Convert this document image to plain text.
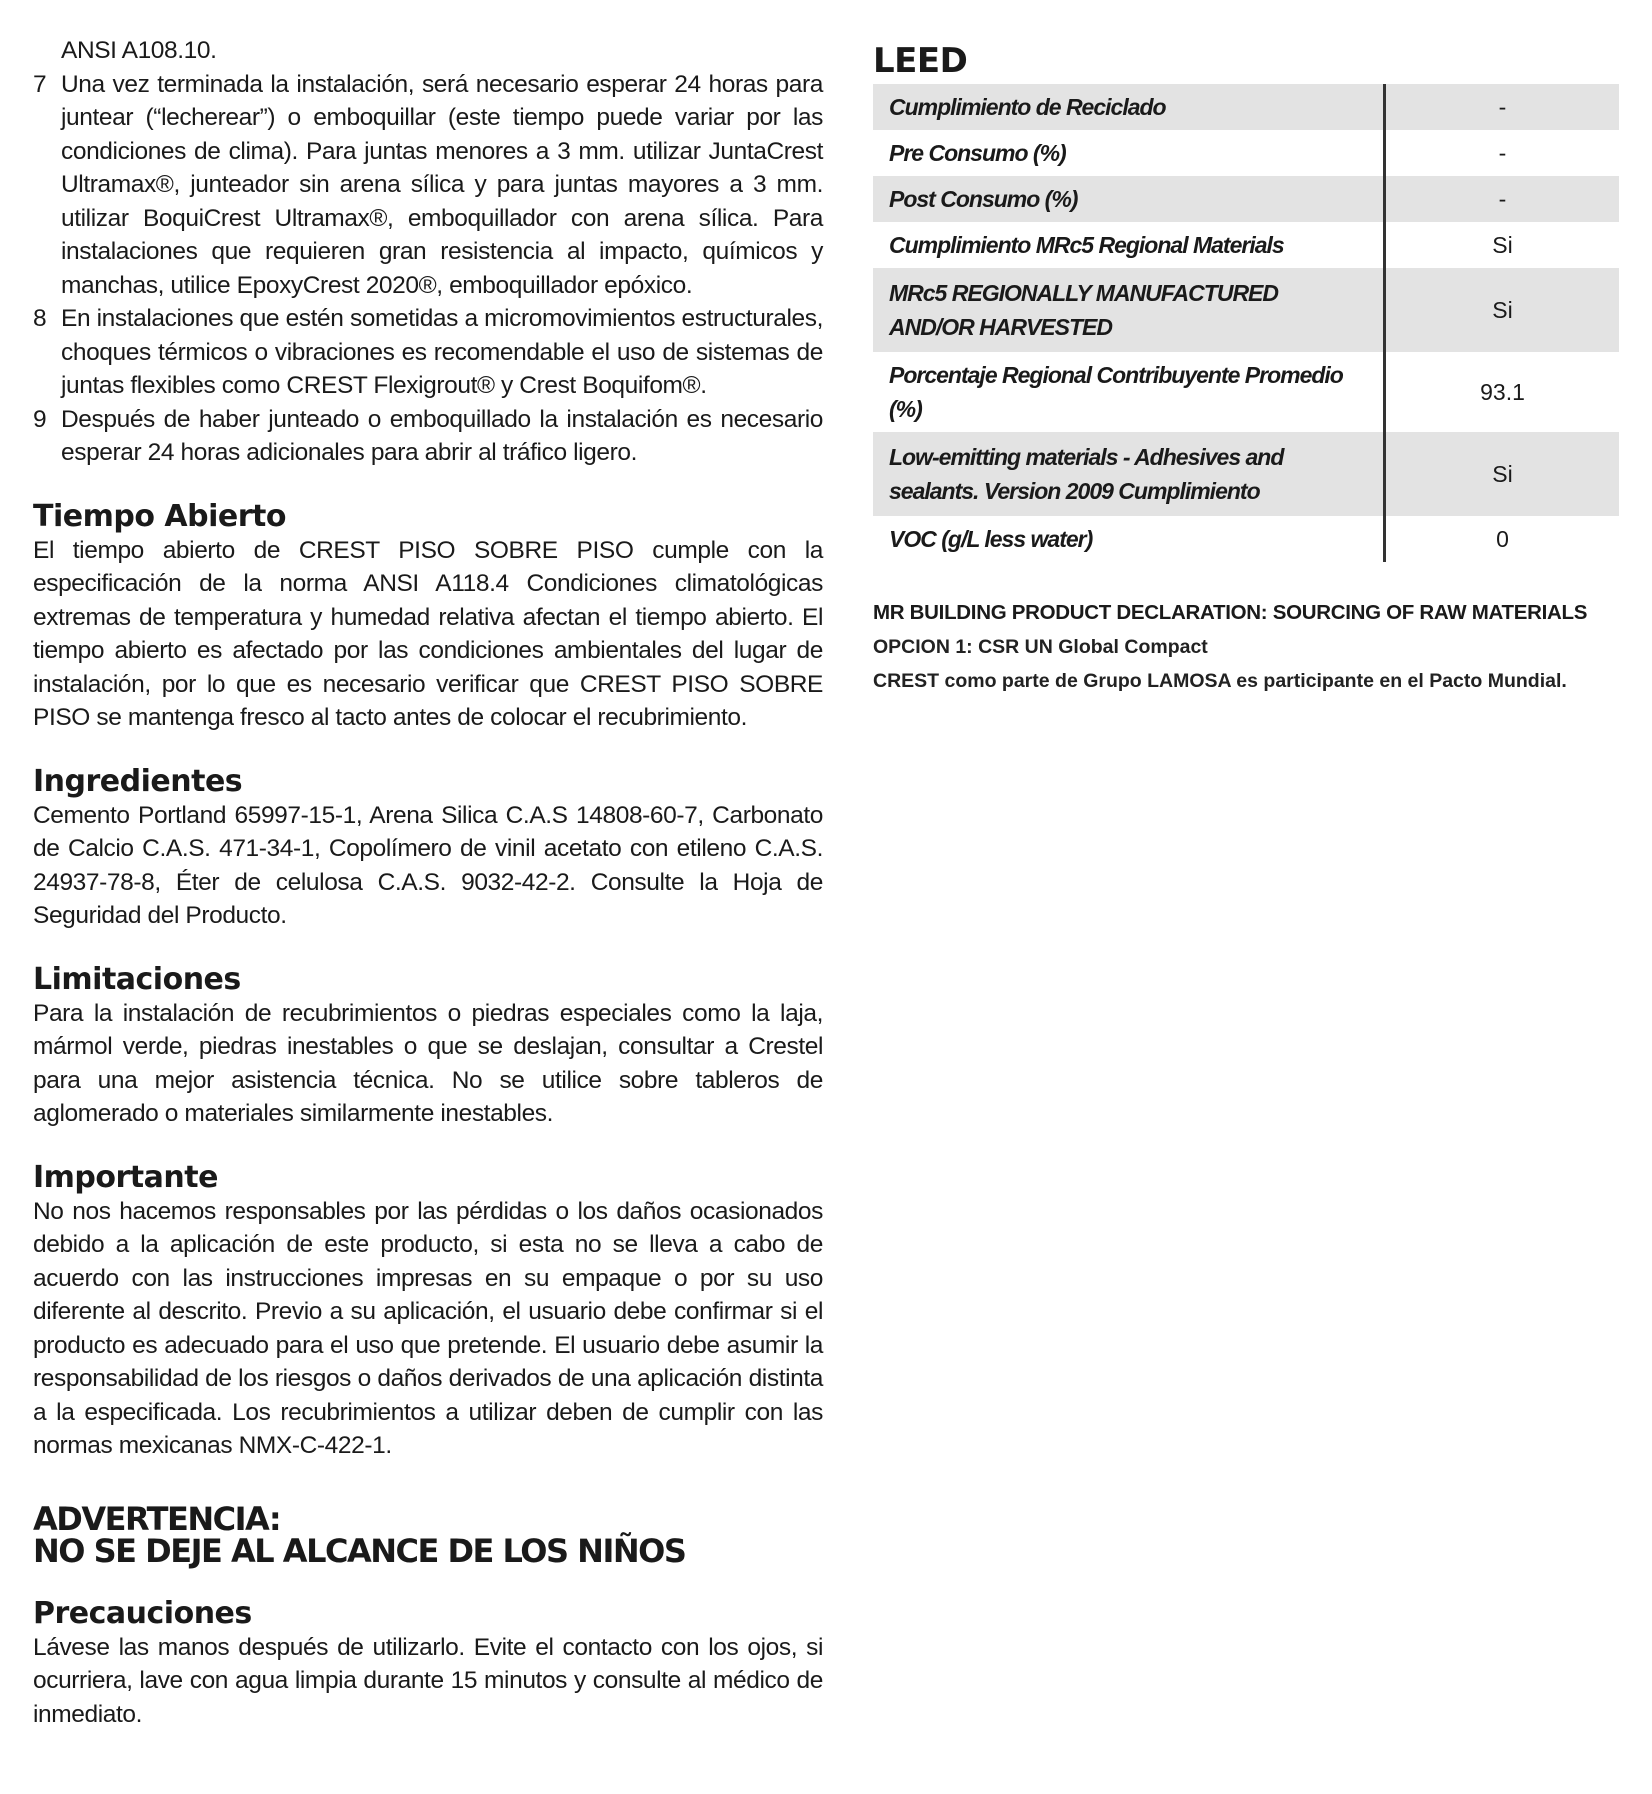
ANSI A108.10.
7 Una vez terminada la instalación, será necesario esperar 24 horas para juntear (“lecherear”) o emboquillar (este tiempo puede variar por las condiciones de clima). Para juntas menores a 3 mm. utilizar JuntaCrest Ultramax®, junteador sin arena sílica y para juntas mayores a 3 mm. utilizar BoquiCrest Ultramax®, emboquillador con arena sílica. Para instalaciones que requieren gran resistencia al impacto, químicos y manchas, utilice EpoxyCrest 2020®, emboquillador epóxico.
8 En instalaciones que estén sometidas a micromovimientos estructurales, choques térmicos o vibraciones es recomendable el uso de sistemas de juntas flexibles como CREST Flexigrout® y Crest Boquifom®.
9 Después de haber junteado o emboquillado la instalación es necesario esperar 24 horas adicionales para abrir al tráfico ligero.
Tiempo Abierto

El tiempo abierto de CREST PISO SOBRE PISO cumple con la especificación de la norma ANSI A118.4 Condiciones climatológicas extremas de temperatura y humedad relativa afectan el tiempo abierto. El tiempo abierto es afectado por las condiciones ambientales del lugar de instalación, por lo que es necesario verificar que CREST PISO SOBRE PISO se mantenga fresco al tacto antes de colocar el recubrimiento.

Ingredientes

Cemento Portland 65997-15-1, Arena Silica C.A.S 14808-60-7, Carbonato de Calcio C.A.S. 471-34-1, Copolímero de vinil acetato con etileno C.A.S. 24937-78-8, Éter de celulosa C.A.S. 9032-42-2. Consulte la Hoja de Seguridad del Producto.

Limitaciones

Para la instalación de recubrimientos o piedras especiales como la laja, mármol verde, piedras inestables o que se deslajan, consultar a Crestel para una mejor asistencia técnica. No se utilice sobre tableros de aglomerado o materiales similarmente inestables.

Importante

No nos hacemos responsables por las pérdidas o los daños ocasionados debido a la aplicación de este producto, si esta no se lleva a cabo de acuerdo con las instrucciones impresas en su empaque o por su uso diferente al descrito. Previo a su aplicación, el usuario debe confirmar si el producto es adecuado para el uso que pretende. El usuario debe asumir la responsabilidad de los riesgos o daños derivados de una aplicación distinta a la especificada. Los recubrimientos a utilizar deben de cumplir con las normas mexicanas NMX-C-422-1.

ADVERTENCIA:
NO SE DEJE AL ALCANCE DE LOS NIÑOS
Precauciones

Lávese las manos después de utilizarlo. Evite el contacto con los ojos, si ocurriera, lave con agua limpia durante 15 minutos y consulte al médico de inmediato.

LEED
Cumplimiento de Reciclado	-
Pre Consumo (%)	-
Post Consumo (%)	-
Cumplimiento MRc5 Regional Materials	Si
MRc5 REGIONALLY MANUFACTURED AND/OR HARVESTED	Si
Porcentaje Regional Contribuyente Promedio (%)	93.1
Low-emitting materials - Adhesives and sealants. Version 2009 Cumplimiento	Si
VOC (g/L less water)	0

MR BUILDING PRODUCT DECLARATION: SOURCING OF RAW MATERIALS

OPCION 1: CSR UN Global Compact

CREST como parte de Grupo LAMOSA es participante en el Pacto Mundial.
